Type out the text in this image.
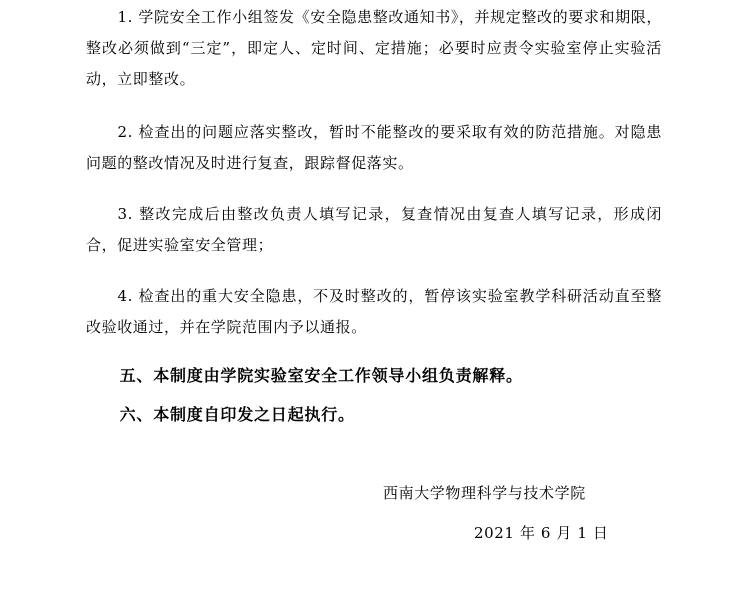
1. 学院安全工作小组签发《安全隐患整改通知书》，并规定整改的要求和期限，整改必须做到“三定”，即定人、定时间、定措施；必要时应责令实验室停止实验活动，立即整改。

2. 检查出的问题应落实整改，暂时不能整改的要采取有效的防范措施。对隐患问题的整改情况及时进行复查，跟踪督促落实。

3. 整改完成后由整改负责人填写记录，复查情况由复查人填写记录，形成闭合，促进实验室安全管理；

4. 检查出的重大安全隐患，不及时整改的，暂停该实验室教学科研活动直至整改验收通过，并在学院范围内予以通报。

五、本制度由学院实验室安全工作领导小组负责解释。

六、本制度自印发之日起执行。

西南大学物理科学与技术学院

2021 年 6 月 1 日
